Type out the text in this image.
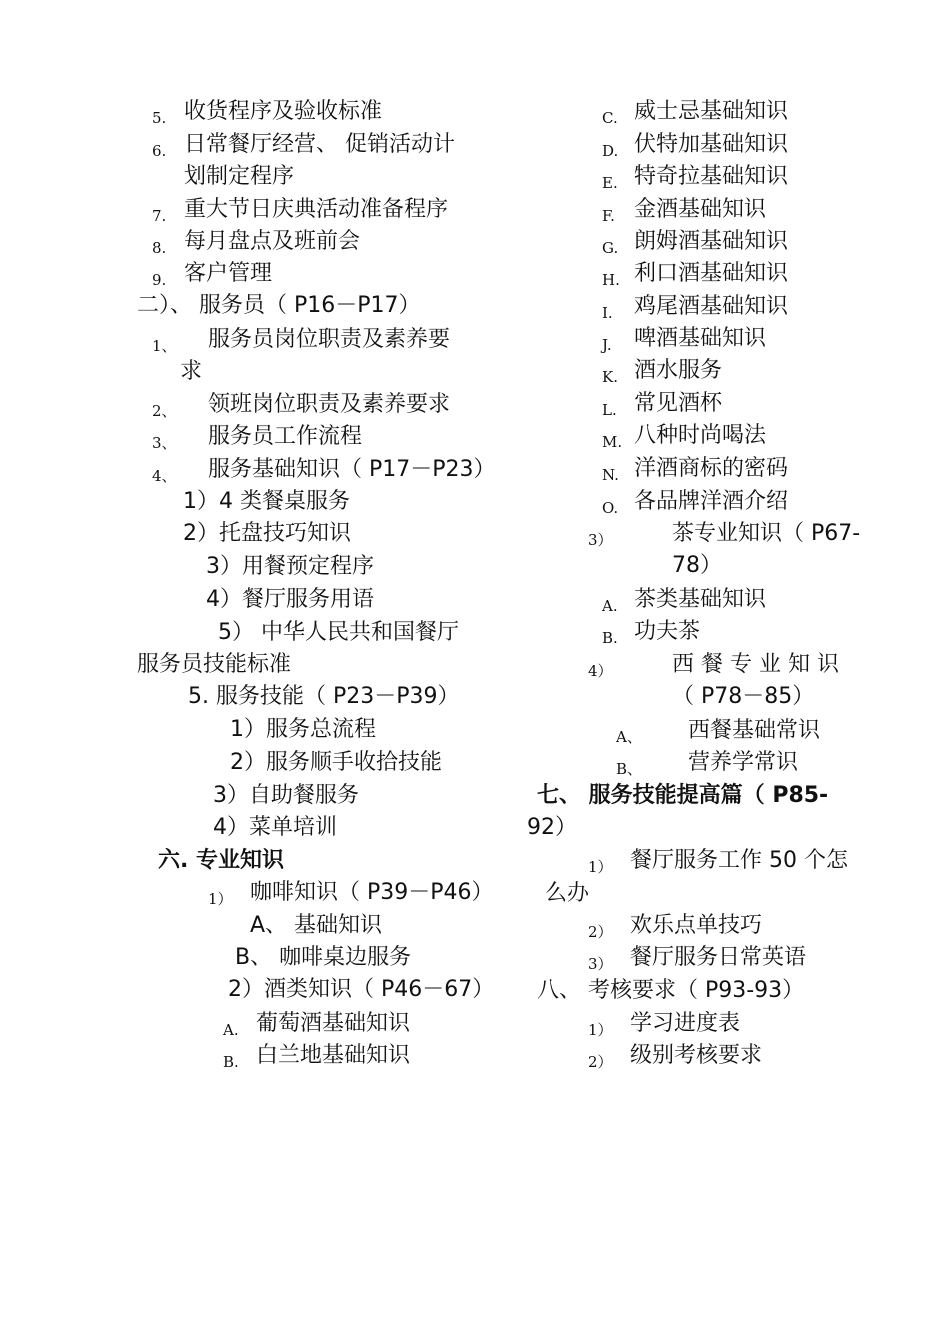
5. 收货程序及验收标准
6. 日常餐厅经营、 促销活动计
划制定程序
7. 重大节日庆典活动准备程序
8. 每月盘点及班前会
9. 客户管理
二）、 服务员（ P16－P17）
1、 服务员岗位职责及素养要
求
2、 领班岗位职责及素养要求
3、 服务员工作流程
4、 服务基础知识（ P17－P23）
1）4 类餐桌服务
2）托盘技巧知识
3）用餐预定程序
4）餐厅服务用语
5） 中华人民共和国餐厅
服务员技能标准
5. 服务技能（ P23－P39）
1）服务总流程
2）服务顺手收拾技能
3）自助餐服务
4）菜单培训
六. 专业知识
1） 咖啡知识（ P39－P46）
A、 基础知识
B、 咖啡桌边服务
2）酒类知识（ P46－67）
A. 葡萄酒基础知识
B. 白兰地基础知识
C. 威士忌基础知识
D. 伏特加基础知识
E. 特奇拉基础知识
F. 金酒基础知识
G. 朗姆酒基础知识
H. 利口酒基础知识
I. 鸡尾酒基础知识
J. 啤酒基础知识
K. 酒水服务
L. 常见酒杯
M. 八种时尚喝法
N. 洋酒商标的密码
O. 各品牌洋酒介绍
3）	茶专业知识（ P67-
78）
A. 茶类基础知识
B. 功夫茶
4）	西 餐 专 业 知 识
（ P78－85）
A、 西餐基础常识
B、 营养学常识
七、 服务技能提高篇（ P85-
92）
1） 餐厅服务工作 50 个怎
么办
2） 欢乐点单技巧
3） 餐厅服务日常英语
八、 考核要求（ P93-93）
1） 学习进度表
2） 级别考核要求
